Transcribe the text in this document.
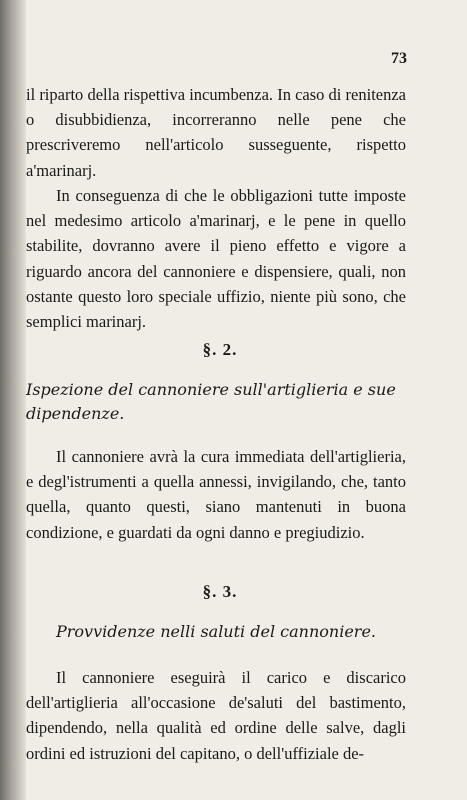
73

il riparto della rispettiva incumbenza. In caso di renitenza o disubbidienza, incorreranno nelle pene che prescriveremo nell'articolo susseguente, rispetto a'marinarj.

In conseguenza di che le obbligazioni tutte imposte nel medesimo articolo a'marinarj, e le pene in quello stabilite, dovranno avere il pieno effetto e vigore a riguardo ancora del cannoniere e dispensiere, quali, non ostante questo loro speciale uffizio, niente più sono, che semplici marinarj.

§. 2.

Ispezione del cannoniere sull'artiglieria e sue dipendenze.

Il cannoniere avrà la cura immediata dell'artiglieria, e degl'istrumenti a quella annessi, invigilando, che, tanto quella, quanto questi, siano mantenuti in buona condizione, e guardati da ogni danno e pregiudizio.

§. 3.

Provvidenze nelli saluti del cannoniere.

Il cannoniere eseguirà il carico e discarico dell'artiglieria all'occasione de'saluti del bastimento, dipendendo, nella qualità ed ordine delle salve, dagli ordini ed istruzioni del capitano, o dell'uffiziale de-
